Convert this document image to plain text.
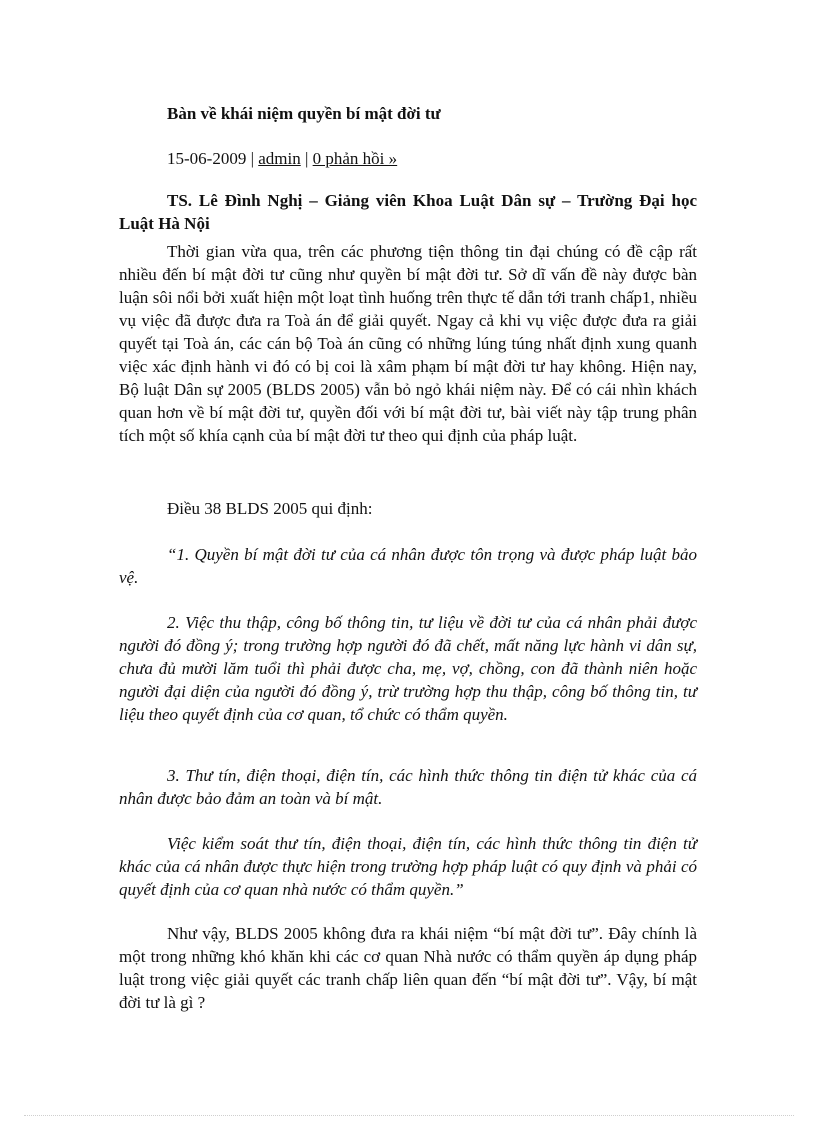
Bàn về khái niệm quyền bí mật đời tư
15-06-2009 | admin | 0 phản hồi »
TS. Lê Đình Nghị – Giảng viên Khoa Luật Dân sự – Trường Đại học Luật Hà Nội

Thời gian vừa qua, trên các phương tiện thông tin đại chúng có đề cập rất nhiều đến bí mật đời tư cũng như quyền bí mật đời tư. Sở dĩ vấn đề này được bàn luận sôi nổi bởi xuất hiện một loạt tình huống trên thực tế dẫn tới tranh chấp1, nhiều vụ việc đã được đưa ra Toà án để giải quyết. Ngay cả khi vụ việc được đưa ra giải quyết tại Toà án, các cán bộ Toà án cũng có những lúng túng nhất định xung quanh việc xác định hành vi đó có bị coi là xâm phạm bí mật đời tư hay không. Hiện nay, Bộ luật Dân sự 2005 (BLDS 2005) vẫn bỏ ngỏ khái niệm này. Để có cái nhìn khách quan hơn về bí mật đời tư, quyền đối với bí mật đời tư, bài viết này tập trung phân tích một số khía cạnh của bí mật đời tư theo qui định của pháp luật.

Điều 38 BLDS 2005 qui định:

“1. Quyền bí mật đời tư của cá nhân được tôn trọng và được pháp luật bảo vệ.

2. Việc thu thập, công bố thông tin, tư liệu về đời tư của cá nhân phải được người đó đồng ý; trong trường hợp người đó đã chết, mất năng lực hành vi dân sự, chưa đủ mười lăm tuổi thì phải được cha, mẹ, vợ, chồng, con đã thành niên hoặc người đại diện của người đó đồng ý, trừ trường hợp thu thập, công bố thông tin, tư liệu theo quyết định của cơ quan, tổ chức có thẩm quyền.

3. Thư tín, điện thoại, điện tín, các hình thức thông tin điện tử khác của cá nhân được bảo đảm an toàn và bí mật.

Việc kiểm soát thư tín, điện thoại, điện tín, các hình thức thông tin điện tử khác của cá nhân được thực hiện trong trường hợp pháp luật có quy định và phải có quyết định của cơ quan nhà nước có thẩm quyền.”

Như vậy, BLDS 2005 không đưa ra khái niệm “bí mật đời tư”. Đây chính là một trong những khó khăn khi các cơ quan Nhà nước có thẩm quyền áp dụng pháp luật trong việc giải quyết các tranh chấp liên quan đến “bí mật đời tư”. Vậy, bí mật đời tư là gì ?
